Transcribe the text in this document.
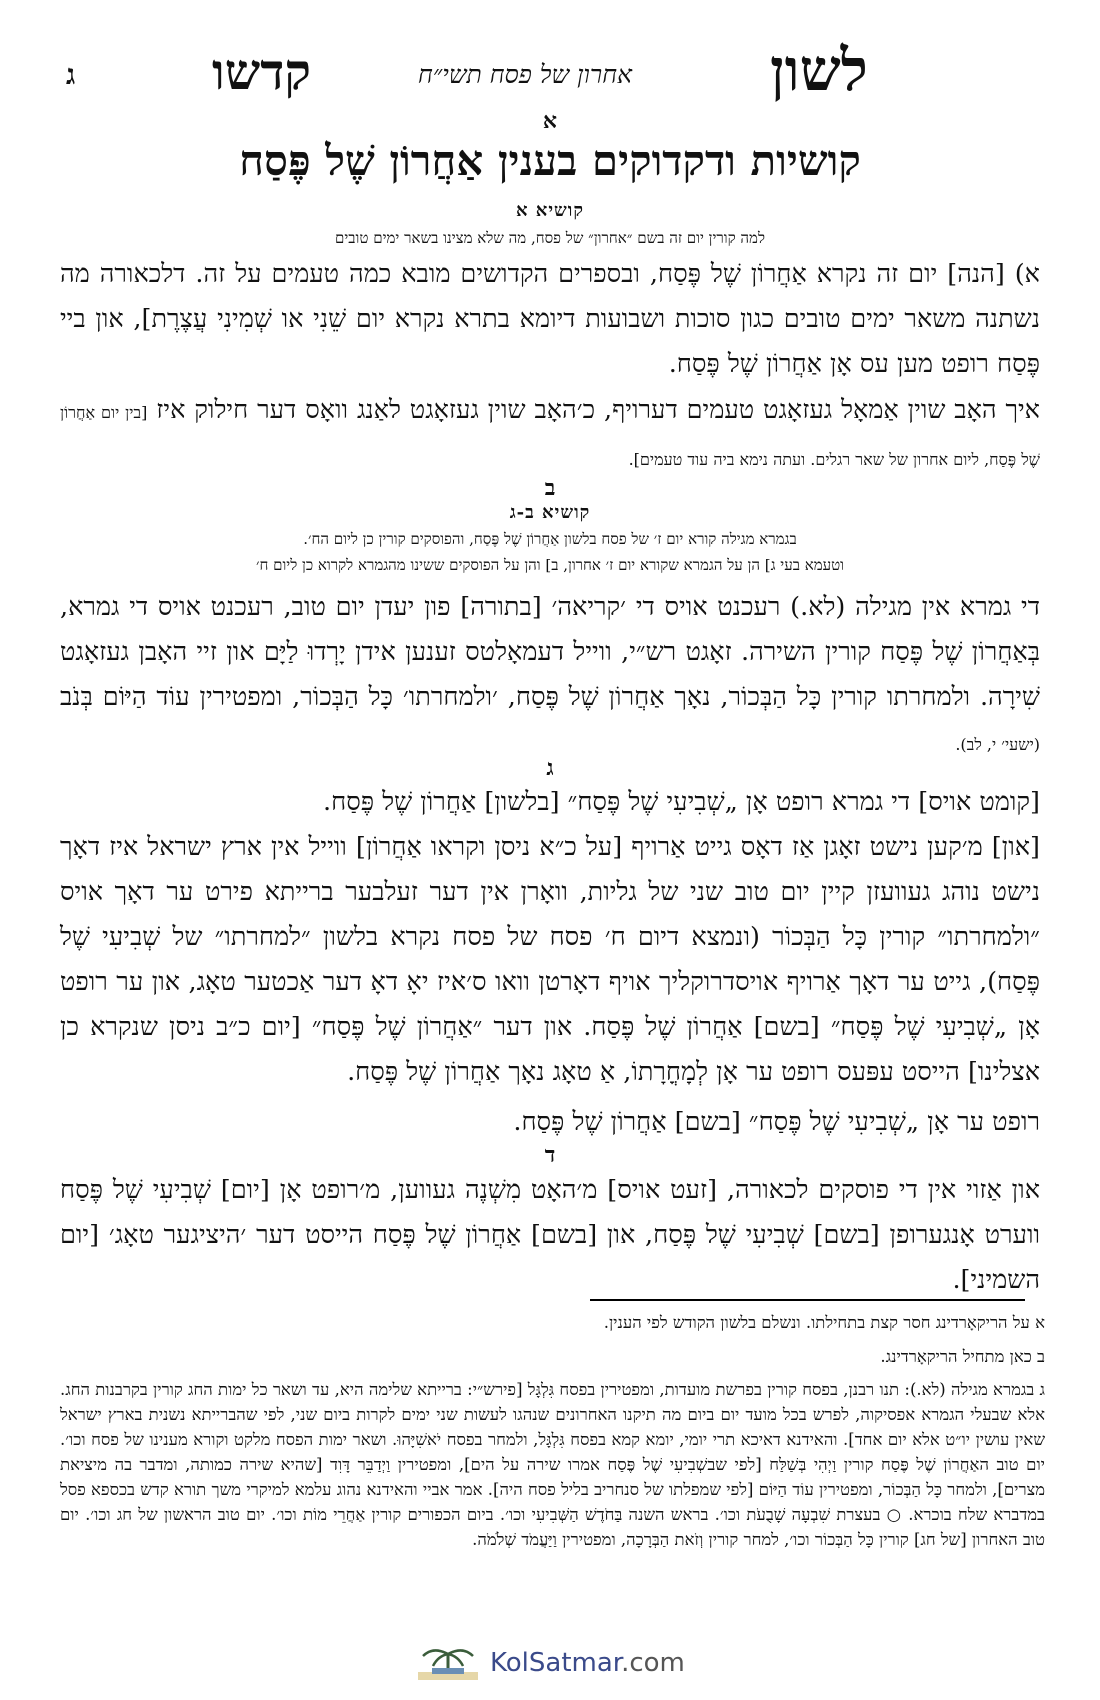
ג	קדשו	אחרון של פסח תשי״ח לשון
א
קושיות ודקדוקים בענין אַחֲרוֹן שֶׁל פֶּסַח
קושיא א
למה קורין יום זה בשם ״אחרון״ של פסח, מה שלא מצינו בשאר ימים טובים
א) [הנה] יום זה נקרא אַחֲרוֹן שֶׁל פֶּסַח, ובספרים הקדושים מובא כמה טעמים על זה. דלכאורה מה נשתנה משאר ימים טובים כגון סוכות ושבועות דיומא בתרא נקרא יום שֵׁנִי או שְׁמִינִי עֲצֶרֶת], און ביי פֶּסַח רופט מען עס אָן אַחֲרוֹן שֶׁל פֶּסַח.
איך האָב שוין אַמאָל געזאָגט טעמים דערויף, כ׳האָב שוין געזאָגט לאַנג וואָס דער חילוק איז [בין יום אַחֲרוֹן שֶׁל פֶּסַח, ליום אחרון של שאר רגלים. ועתה נימא ביה עוד טעמים].
ב
קושיא ב-ג
בגמרא מגילה קורא יום ז׳ של פסח בלשון אַחֲרוֹן שֶׁל פֶּסַח, והפוסקים קורין כן ליום הח׳.
וטעמא בעי ג] הן על הגמרא שקורא יום ז׳ אחרון, ב] והן על הפוסקים ששינו מהגמרא לקרוא כן ליום ח׳
די גמרא אין מגילה (לא.) רעכנט אויס די ׳קריאה׳ [בתורה] פון יעדן יום טוב, רעכנט אויס די גמרא, בְּאַחֲרוֹן שֶׁל פֶּסַח קורין השירה. זאָגט רש״י, ווייל דעמאָלטס זענען אידן יָרְדוּ לַיָּם און זיי האָבן געזאָגט שִׁירָה. ולמחרתו קורין כָּל הַבְּכוֹר, נאָך אַחֲרוֹן שֶׁל פֶּסַח, ׳ולמחרתו׳ כָּל הַבְּכוֹר, ומפטירין עוֹד הַיּוֹם בְּנֹב (ישעי׳ י, לב).
ג
[קומט אויס] די גמרא רופט אָן „שְׁבִיעִי שֶׁל פֶּסַח״ [בלשון] אַחֲרוֹן שֶׁל פֶּסַח.
[און] מ׳קען נישט זאָגן אַז דאָס גייט אַרויף [על כ״א ניסן וקראו אַחֲרוֹן] ווייל אין ארץ ישראל איז דאָך נישט נוהג געוועזן קיין יום טוב שני של גליות, וואָרן אין דער זעלבער ברייתא פירט ער דאָך אויס ״ולמחרתו״ קורין כָּל הַבְּכוֹר (ונמצא דיום ח׳ פסח של פסח נקרא בלשון ״למחרתו״ של שְׁבִיעִי שֶׁל פֶּסַח), גייט ער דאָך אַרויף אויסדרוקליך אויף דאָרטן וואו ס׳איז יאָ דאָ דער אַכטער טאָג, און ער רופט אָן „שְׁבִיעִי שֶׁל פֶּסַח״ [בשם] אַחֲרוֹן שֶׁל פֶּסַח. און דער ״אַחֲרוֹן שֶׁל פֶּסַח״ [יום כ״ב ניסן שנקרא כן אצלינו] הייסט עפּעס רופט ער אָן לְמָחֳרָתוֹ, אַ טאָג נאָך אַחֲרוֹן שֶׁל פֶּסַח.
רופט ער אָן „שְׁבִיעִי שֶׁל פֶּסַח״ [בשם] אַחֲרוֹן שֶׁל פֶּסַח.
ד
און אַזוי אין די פוסקים לכאורה, [זעט אויס] מ׳האָט מִשְׁנֶה געווען, מ׳רופט אָן [יום] שְׁבִיעִי שֶׁל פֶּסַח ווערט אָנגערופן [בשם] שְׁבִיעִי שֶׁל פֶּסַח, און [בשם] אַחֲרוֹן שֶׁל פֶּסַח הייסט דער ׳היציגער טאָג׳ [יום השמיני].
א על הריקאָרדינג חסר קצת בתחילתו. ונשלם בלשון הקודש לפי הענין.
ב כאן מתחיל הריקאָרדינג.
ג בגמרא מגילה (לא.): תנו רבנן, בפסח קורין בפרשת מועדות, ומפטירין בפסח גִּלְגָּל [פירש״י: ברייתא שלימה היא, עד ושאר כל ימות החג קורין בקרבנות החג. אלא שבעלי הגמרא אפסיקוה, לפרש בכל מועד יום ביום מה תיקנו האחרונים שנהגו לעשות שני ימים לקרות ביום שני, לפי שהברייתא נשנית בארץ ישראל שאין עושין יו״ט אלא יום אחד]. והאידנא דאיכא תרי יומי, יומא קמא בפסח גִּלְגָּל, ולמחר בפסח יֹאשִׁיָּהוּ. ושאר ימות הפסח מלקט וקורא מענינו של פסח וכו׳. יום טוב האַחֲרוֹן שֶׁל פֶּסַח קורין וַיְהִי בְּשַׁלַּח [לפי שבשְׁבִיעִי שֶׁל פֶּסַח אמרו שירה על הים], ומפטירין וַיְדַבֵּר דָּוִד [שהיא שירה כמותה, ומדבר בה מיציאת מצרים], ולמחר כָּל הַבְּכוֹר, ומפטירין עוֹד הַיּוֹם [לפי שמפלתו של סנחריב בליל פסח היה]. אמר אביי והאידנא נהוג עלמא למיקרי משך תורא קדש בכספא פסל במדברא שלח בוכרא. ○ בעצרת שִׁבְעָה שָׁבֻעֹת וכו׳. בראש השנה בַּחֹדֶשׁ הַשְּׁבִיעִי וכו׳. ביום הכפורים קורין אַחֲרֵי מוֹת וכו׳. יום טוב הראשון של חג וכו׳. יום טוב האחרון [של חג] קורין כָּל הַבְּכוֹר וכו׳, למחר קורין וְזֹאת הַבְּרָכָה, ומפטירין וַיַּעֲמֹד שְׁלֹמֹה.
KolSatmar.com
